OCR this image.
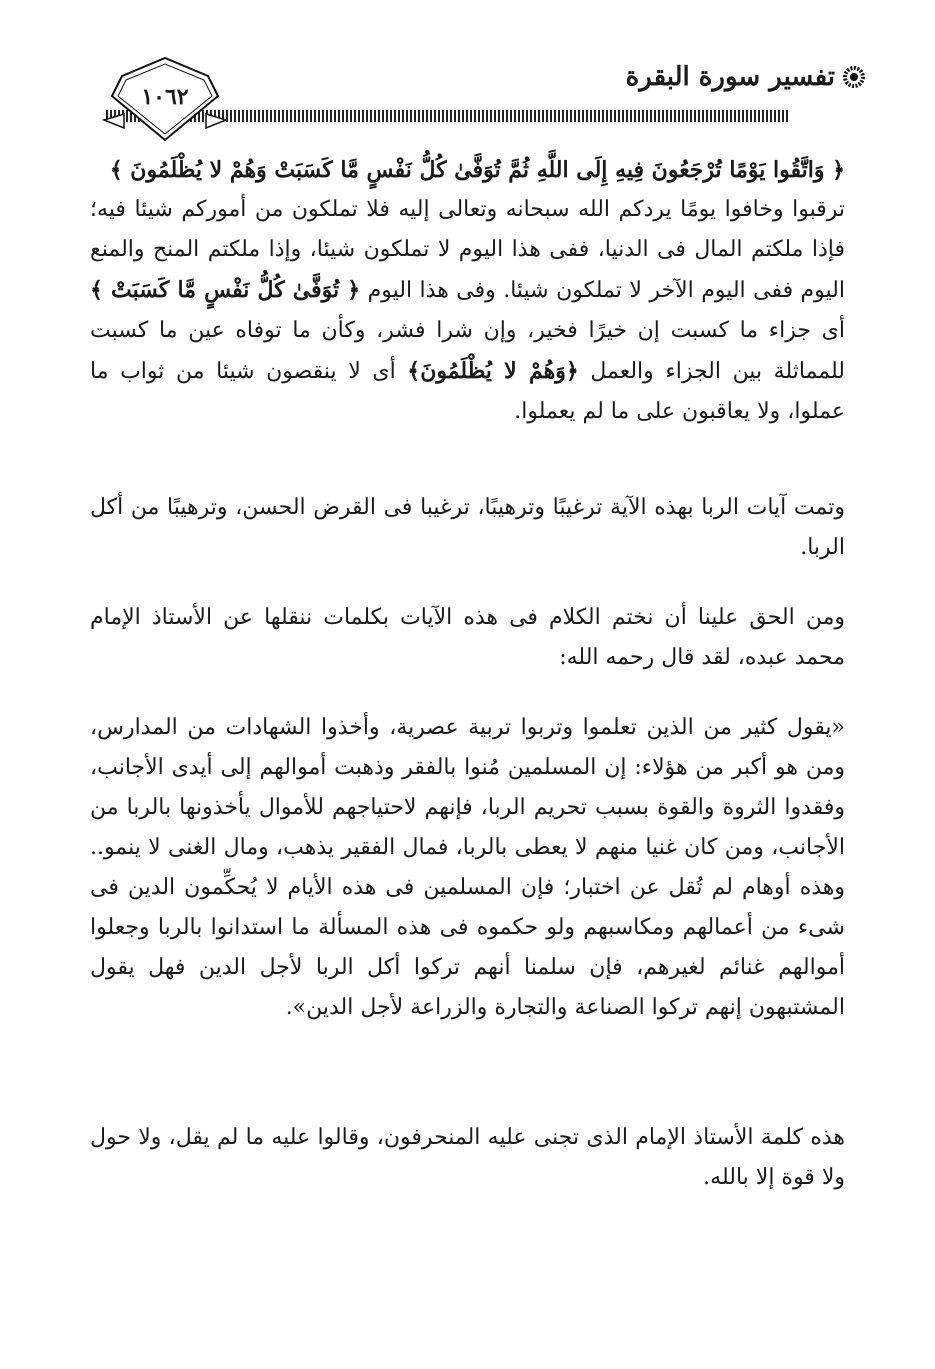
تفسير سورة البقرة
١٠٦٢

﴿ وَاتَّقُوا يَوْمًا تُرْجَعُونَ فِيهِ إِلَى اللَّهِ ثُمَّ تُوَفَّىٰ كُلُّ نَفْسٍ مَّا كَسَبَتْ وَهُمْ لا يُظْلَمُونَ ﴾

ترقبوا وخافوا يومًا يردكم الله سبحانه وتعالى إليه فلا تملكون من أموركم شيئا فيه؛ فإذا ملكتم المال فى الدنيا، ففى هذا اليوم لا تملكون شيئا، وإذا ملكتم المنح والمنع اليوم ففى اليوم الآخر لا تملكون شيئا. وفى هذا اليوم ﴿ تُوَفَّىٰ كُلُّ نَفْسٍ مَّا كَسَبَتْ ﴾ أى جزاء ما كسبت إن خيرًا فخير، وإن شرا فشر، وكأن ما توفاه عين ما كسبت للمماثلة بين الجزاء والعمل ﴿وَهُمْ لا يُظْلَمُونَ﴾ أى لا ينقصون شيئا من ثواب ما عملوا، ولا يعاقبون على ما لم يعملوا.

وتمت آيات الربا بهذه الآية ترغيبًا وترهيبًا، ترغيبا فى القرض الحسن، وترهيبًا من أكل الربا.

ومن الحق علينا أن نختم الكلام فى هذه الآيات بكلمات ننقلها عن الأستاذ الإمام محمد عبده، لقد قال رحمه الله:

«يقول كثير من الذين تعلموا وتربوا تربية عصرية، وأخذوا الشهادات من المدارس، ومن هو أكبر من هؤلاء: إن المسلمين مُنوا بالفقر وذهبت أموالهم إلى أيدى الأجانب، وفقدوا الثروة والقوة بسبب تحريم الربا، فإنهم لاحتياجهم للأموال يأخذونها بالربا من الأجانب، ومن كان غنيا منهم لا يعطى بالربا، فمال الفقير يذهب، ومال الغنى لا ينمو.. وهذه أوهام لم تُقل عن اختبار؛ فإن المسلمين فى هذه الأيام لا يُحكِّمون الدين فى شىء من أعمالهم ومكاسبهم ولو حكموه فى هذه المسألة ما استدانوا بالربا وجعلوا أموالهم غنائم لغيرهم، فإن سلمنا أنهم تركوا أكل الربا لأجل الدين فهل يقول المشتبهون إنهم تركوا الصناعة والتجارة والزراعة لأجل الدين».

هذه كلمة الأستاذ الإمام الذى تجنى عليه المنحرفون، وقالوا عليه ما لم يقل، ولا حول ولا قوة إلا بالله.
